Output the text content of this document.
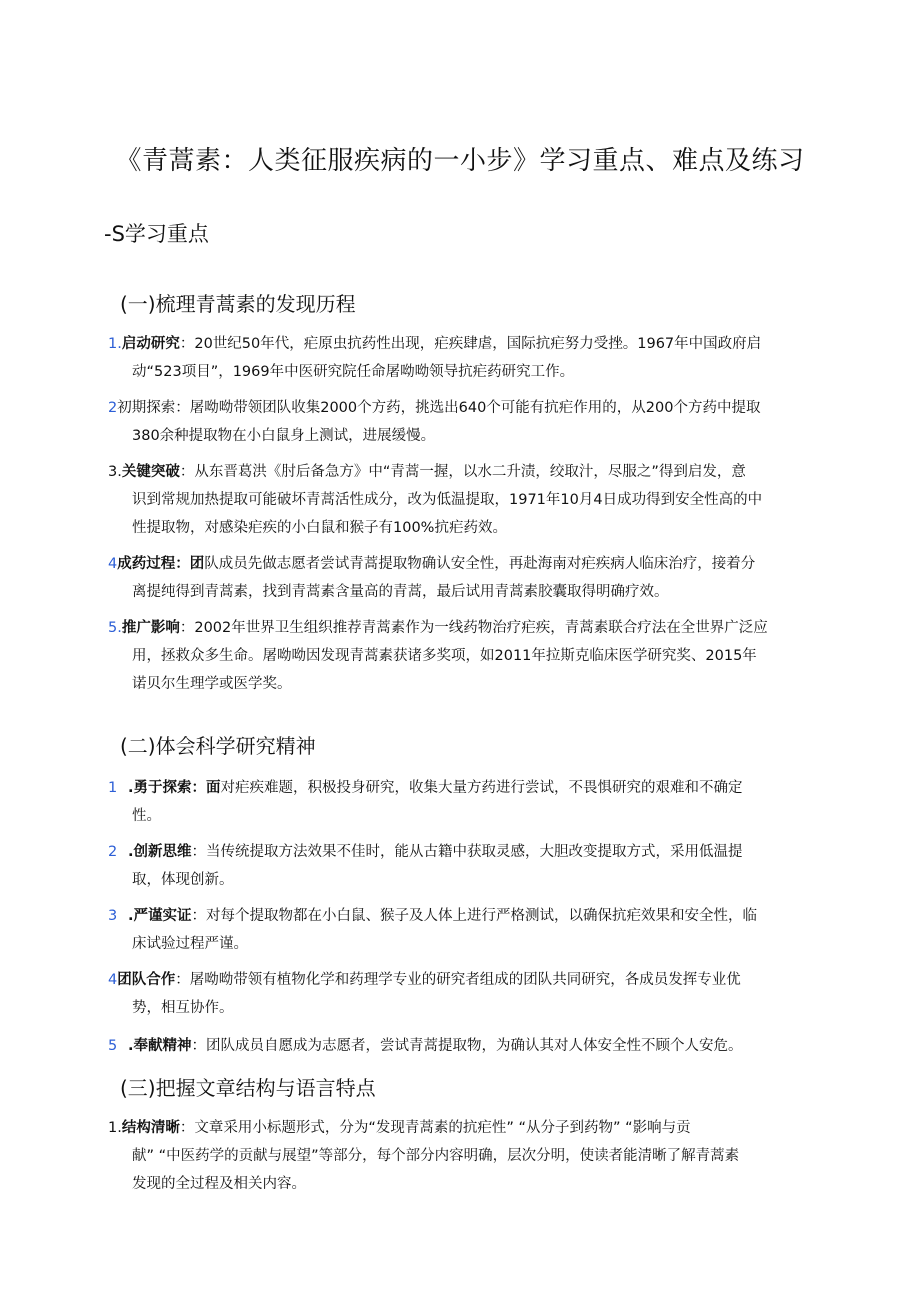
《青蒿素：人类征服疾病的一小步》学习重点、难点及练习
-S学习重点
(一)梳理青蒿素的发现历程
1.启动研究：20世纪50年代，疟原虫抗药性出现，疟疾肆虐，国际抗疟努力受挫。1967年中国政府启
动“523项目”，1969年中医研究院任命屠呦呦领导抗疟药研究工作。
2初期探索：屠呦呦带领团队收集2000个方药，挑选出640个可能有抗疟作用的，从200个方药中提取
380余种提取物在小白鼠身上测试，进展缓慢。
3.关键突破：从东晋葛洪《肘后备急方》中“青蒿一握，以水二升渍，绞取汁，尽服之”得到启发，意
识到常规加热提取可能破坏青蒿活性成分，改为低温提取，1971年10月4日成功得到安全性高的中
性提取物，对感染疟疾的小白鼠和猴子有100%抗疟药效。
4成药过程：团队成员先做志愿者尝试青蒿提取物确认安全性，再赴海南对疟疾病人临床治疗，接着分
离提纯得到青蒿素，找到青蒿素含量高的青蒿，最后试用青蒿素胶囊取得明确疗效。
5.推广影响：2002年世界卫生组织推荐青蒿素作为一线药物治疗疟疾，青蒿素联合疗法在全世界广泛应
用，拯救众多生命。屠呦呦因发现青蒿素获诸多奖项，如2011年拉斯克临床医学研究奖、2015年
诺贝尔生理学或医学奖。
(二)体会科学研究精神
1 .勇于探索：面对疟疾难题，积极投身研究，收集大量方药进行尝试，不畏惧研究的艰难和不确定
性。
2 .创新思维：当传统提取方法效果不佳时，能从古籍中获取灵感，大胆改变提取方式，采用低温提
取，体现创新。
3 .严谨实证：对每个提取物都在小白鼠、猴子及人体上进行严格测试，以确保抗疟效果和安全性，临
床试验过程严谨。
4团队合作：屠呦呦带领有植物化学和药理学专业的研究者组成的团队共同研究，各成员发挥专业优
势，相互协作。
5 .奉献精神：团队成员自愿成为志愿者，尝试青蒿提取物，为确认其对人体安全性不顾个人安危。
(三)把握文章结构与语言特点
1.结构清晰：文章采用小标题形式，分为“发现青蒿素的抗疟性” “从分子到药物” “影响与贡
献” “中医药学的贡献与展望”等部分，每个部分内容明确，层次分明，使读者能清晰了解青蒿素
发现的全过程及相关内容。
